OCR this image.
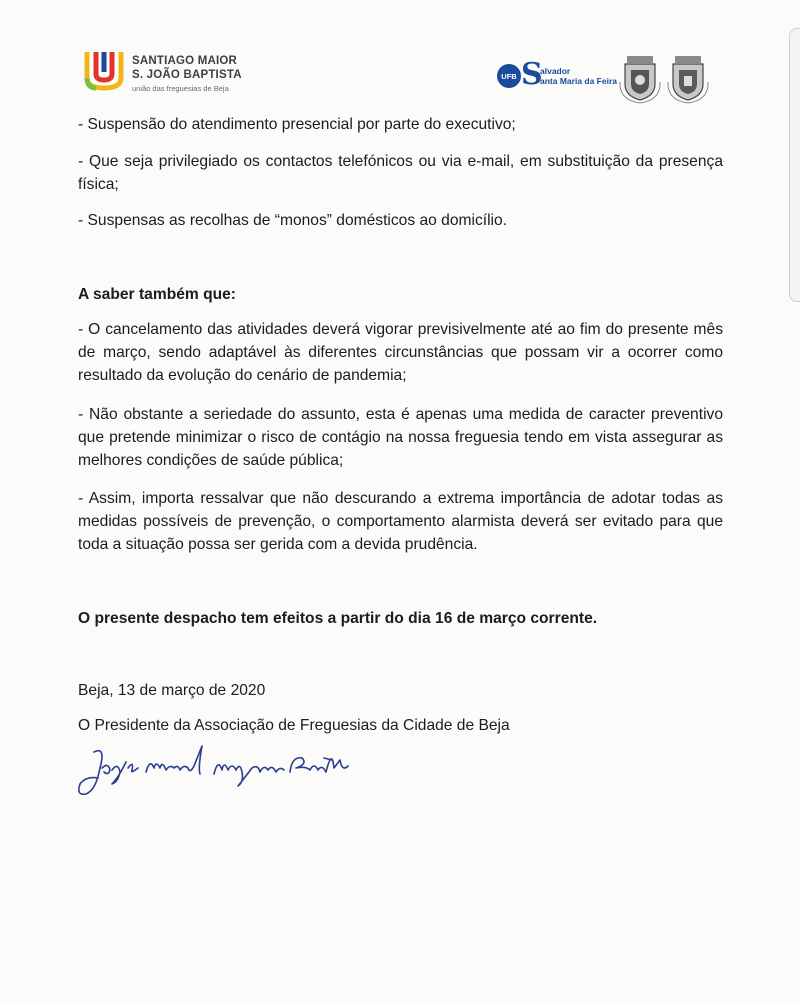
SANTIAGO MAIOR
S. JOÃO BAPTISTA
união das freguesias de Beja
UFB S
alvador
anta Maria da Feira
- Suspensão do atendimento presencial por parte do executivo;
- Que seja privilegiado os contactos telefónicos ou via e-mail, em substituição da presença física;
- Suspensas as recolhas de “monos” domésticos ao domicílio.
A saber também que:
- O cancelamento das atividades deverá vigorar previsivelmente até ao fim do presente mês de março, sendo adaptável às diferentes circunstâncias que possam vir a ocorrer como resultado da evolução do cenário de pandemia;
- Não obstante a seriedade do assunto, esta é apenas uma medida de caracter preventivo que pretende minimizar o risco de contágio na nossa freguesia tendo em vista assegurar as melhores condições de saúde pública;
- Assim, importa ressalvar que não descurando a extrema importância de adotar todas as medidas possíveis de prevenção, o comportamento alarmista deverá ser evitado para que toda a situação possa ser gerida com a devida prudência.
O presente despacho tem efeitos a partir do dia 16 de março corrente.
Beja, 13 de março de 2020
O Presidente da Associação de Freguesias da Cidade de Beja
